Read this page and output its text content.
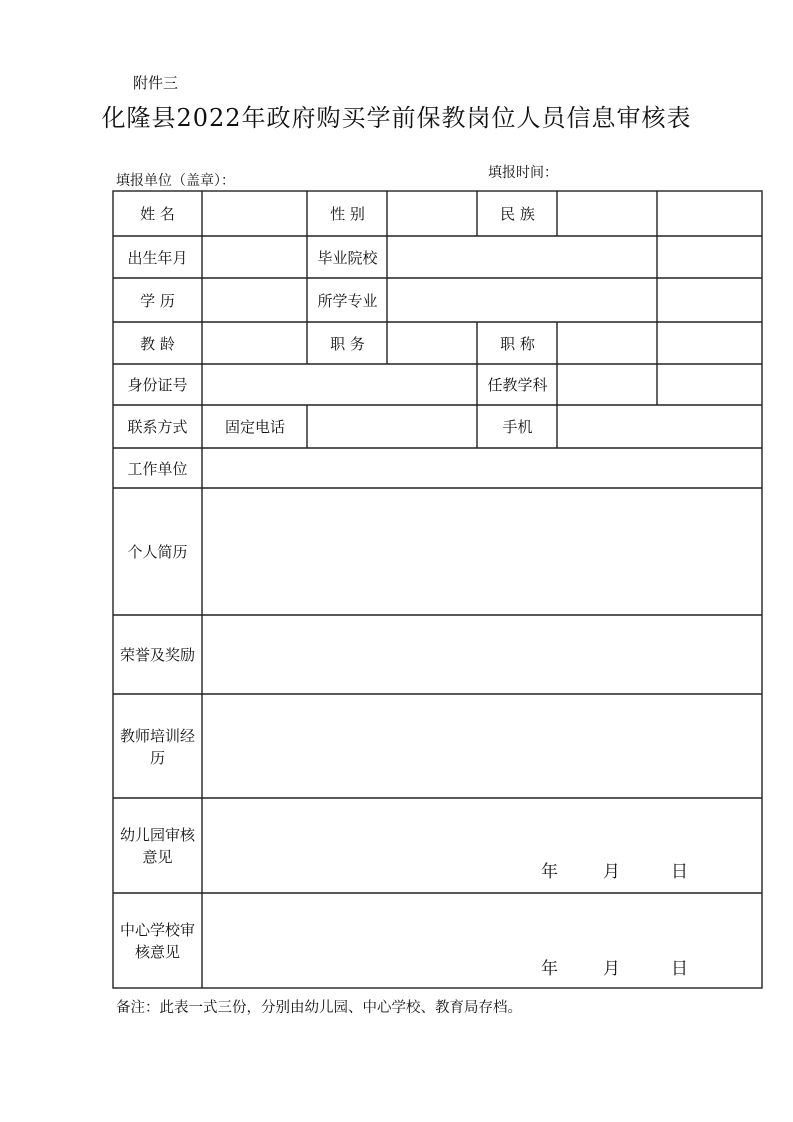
附件三
化隆县2022年政府购买学前保教岗位人员信息审核表
填报单位（盖章）：	填报时间：
姓 名	性 别	民 族
出生年月	毕业院校
学 历	所学专业
教 龄	职 务	职 称
身份证号	任教学科
联系方式	固定电话	手机
工作单位
个人简历
荣誉及奖励
教师培训经
历
幼儿园审核
意见
年	月	日
中心学校审
核意见
年	月	日
备注：此表一式三份，分别由幼儿园、中心学校、教育局存档。
